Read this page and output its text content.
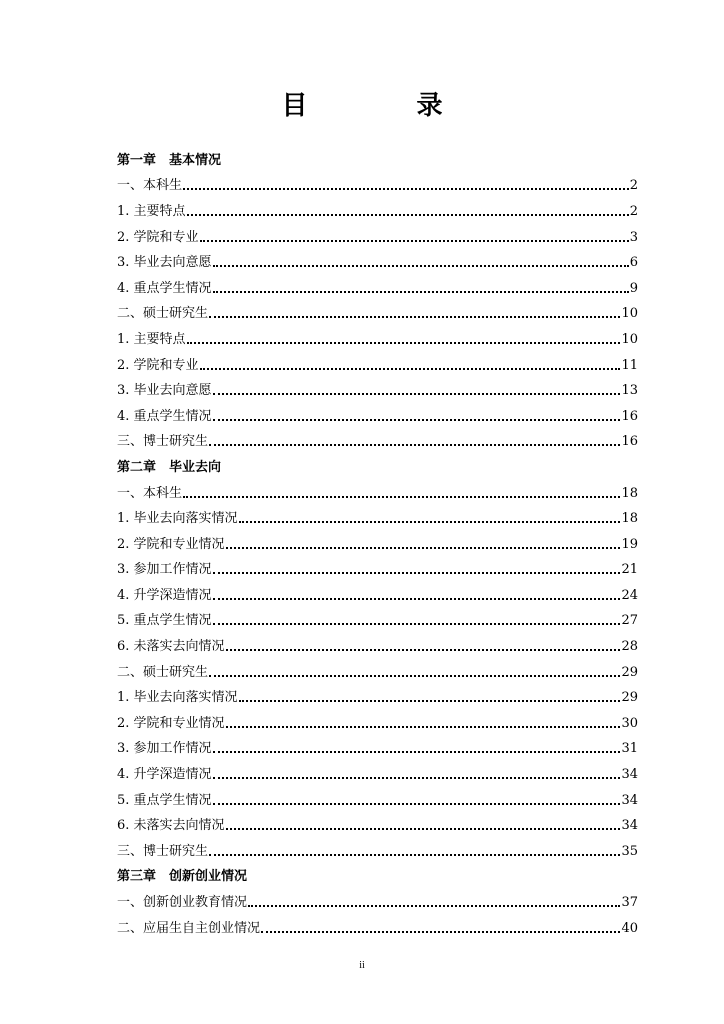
目 录
第一章　基本情况
一、本科生	2
1. 主要特点	2
2. 学院和专业	3
3. 毕业去向意愿	6
4. 重点学生情况	9
二、硕士研究生	10
1. 主要特点	10
2. 学院和专业	11
3. 毕业去向意愿	13
4. 重点学生情况	16
三、博士研究生	16
第二章　毕业去向
一、本科生	18
1. 毕业去向落实情况	18
2. 学院和专业情况	19
3. 参加工作情况	21
4. 升学深造情况	24
5. 重点学生情况	27
6. 未落实去向情况	28
二、硕士研究生	29
1. 毕业去向落实情况	29
2. 学院和专业情况	30
3. 参加工作情况	31
4. 升学深造情况	34
5. 重点学生情况	34
6. 未落实去向情况	34
三、博士研究生	35
第三章　创新创业情况
一、创新创业教育情况	37
二、应届生自主创业情况	40
ii
